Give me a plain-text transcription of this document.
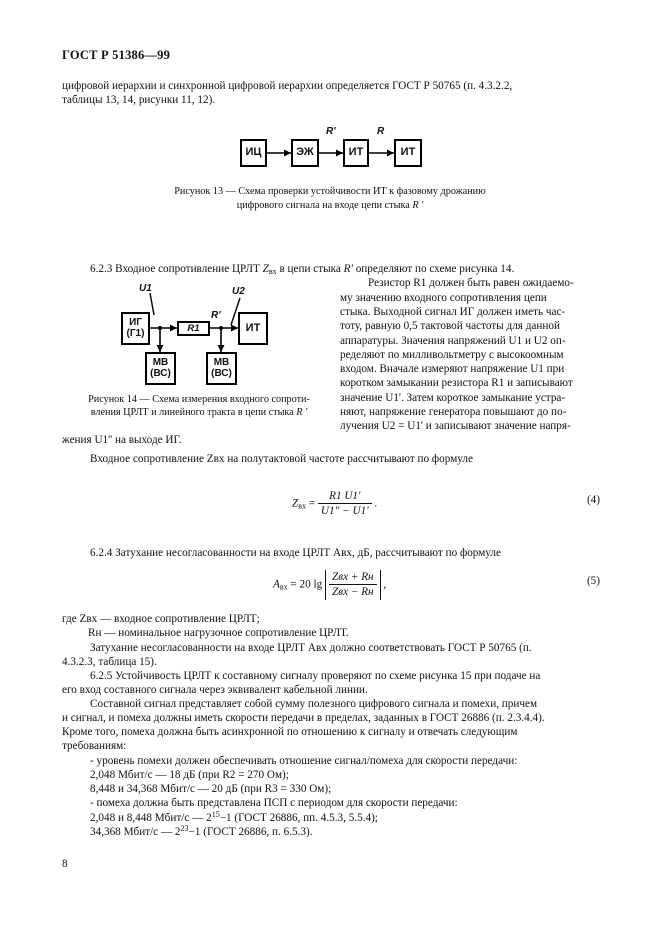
ГОСТ Р 51386—99
цифровой иерархии и синхронной цифровой иерархии определяется ГОСТ Р 50765 (п. 4.3.2.2,
таблицы 13, 14, рисунки 11, 12).
ИЦ	ЭЖ	ИТ	ИТ
R'	R
Рисунок 13 — Схема проверки устойчивости ИТ к фазовому дрожанию
цифрового сигнала на входе цепи стыка R '
6.2.3 Входное сопротивление ЦРЛТ $Z_{вх}$ в цепи стыка R' определяют по схеме рисунка 14.
Резистор R1 должен быть равен ожидаемо-
му значению входного сопротивления цепи
стыка. Выходной сигнал ИГ должен иметь час-
тоту, равную 0,5 тактовой частоты для данной
аппаратуры. Значения напряжений U1 и U2 оп-
ределяют по милливольтметру с высокоомным
входом. Вначале измеряют напряжение U1 при
коротком замыкании резистора R1 и записывают
значение U1'. Затем короткое замыкание устра-
няют, напряжение генератора повышают до по-
лучения U2 = U1' и записывают значение напря-
ИГ
(Г1)	R1	ИТ
МВ
(ВС)
МВ
(ВС)
U1	U2
R'
Рисунок 14 — Схема измерения входного сопроти-
вления ЦРЛТ и линейного тракта в цепи стыка R '
жения U1'' на выходе ИГ.
Входное сопротивление Zвх на полутактовой частоте рассчитывают по формуле
$Z_{вх} = \frac{R1 U1'}{U1'' - U1'}$ .	(4)
6.2.4 Затухание несогласованности на входе ЦРЛТ Aвх, дБ, рассчитывают по формуле
$A_{вх} = 20$ $\lg \frac{\text{Zвх + Rн}}{\text{Zвх − Rн}}$ ,	(5)
где Zвх — входное сопротивление ЦРЛТ;
Rн — номинальное нагрузочное сопротивление ЦРЛТ.
Затухание несогласованности на входе ЦРЛТ Aвх должно соответствовать ГОСТ Р 50765 (п.
4.3.2.3, таблица 15).
6.2.5 Устойчивость ЦРЛТ к составному сигналу проверяют по схеме рисунка 15 при подаче на
его вход составного сигнала через эквивалент кабельной линии.
Составной сигнал представляет собой сумму полезного цифрового сигнала и помехи, причем
и сигнал, и помеха должны иметь скорости передачи в пределах, заданных в ГОСТ 26886 (п. 2.3.4.4).
Кроме того, помеха должна быть асинхронной по отношению к сигналу и отвечать следующим
требованиям:
- уровень помехи должен обеспечивать отношение сигнал/помеха для скорости передачи:
2,048 Мбит/с — 18 дБ (при R2 = 270 Ом);
8,448 и 34,368 Мбит/с — 20 дБ (при R3 = 330 Ом);
- помеха должна быть представлена ПСП с периодом для скорости передачи:
2,048 и 8,448 Мбит/с — $2^{15}-1$ (ГОСТ 26886, пп. 4.5.3, 5.5.4);
34,368 Мбит/с — $2^{23}-1$ (ГОСТ 26886, п. 6.5.3).
8
